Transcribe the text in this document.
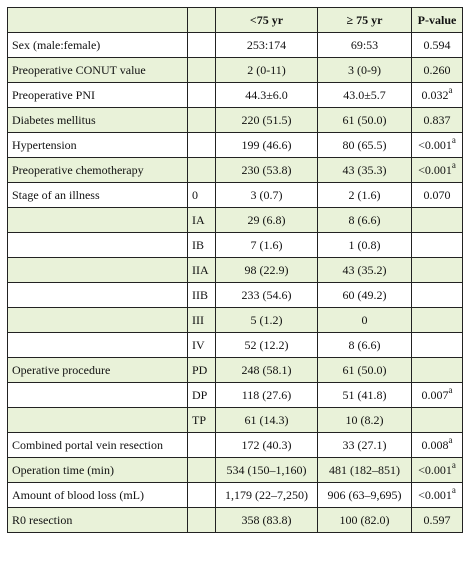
		<75 yr	≥ 75 yr	P-value
Sex (male:female)		253:174	69:53	0.594
Preoperative CONUT value		2 (0-11)	3 (0-9)	0.260
Preoperative PNI		44.3±6.0	43.0±5.7	0.032$^a$
Diabetes mellitus		220 (51.5)	61 (50.0)	0.837
Hypertension		199 (46.6)	80 (65.5)	<0.001$^a$
Preoperative chemotherapy		230 (53.8)	43 (35.3)	<0.001$^a$
Stage of an illness	0	3 (0.7)	2 (1.6)	0.070
	IA	29 (6.8)	8 (6.6)	
	IB	7 (1.6)	1 (0.8)	
	IIA	98 (22.9)	43 (35.2)	
	IIB	233 (54.6)	60 (49.2)	
	III	5 (1.2)	0	
	IV	52 (12.2)	8 (6.6)	
Operative procedure	PD	248 (58.1)	61 (50.0)	
	DP	118 (27.6)	51 (41.8)	0.007$^a$
	TP	61 (14.3)	10 (8.2)	
Combined portal vein resection		172 (40.3)	33 (27.1)	0.008$^a$
Operation time (min)		534 (150–1,160)	481 (182–851)	<0.001$^a$
Amount of blood loss (mL)		1,179 (22–7,250)	906 (63–9,695)	<0.001$^a$
R0 resection		358 (83.8)	100 (82.0)	0.597
